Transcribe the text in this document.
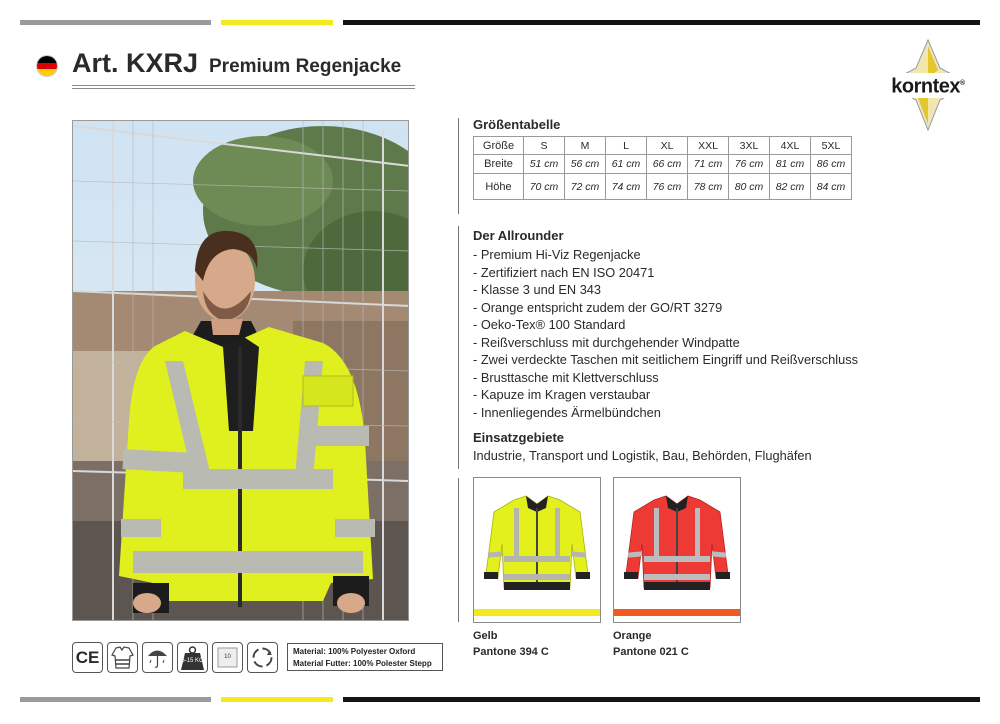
Art. KXRJ Premium Regenjacke
korntex®
CE	5-15 KG
10
Material: 100% Polyester Oxford
Material Futter: 100% Polester Stepp
Größentabelle
Größe	S	M	L	XL	XXL	3XL	4XL	5XL
Breite	51 cm	56 cm	61 cm	66 cm	71 cm	76 cm	81 cm	86 cm
Höhe	70 cm	72 cm	74 cm	76 cm	78 cm	80 cm	82 cm	84 cm
Der Allrounder
- Premium Hi-Viz Regenjacke
- Zertifiziert nach EN ISO 20471
- Klasse 3 und EN 343
- Orange entspricht zudem der GO/RT 3279
- Oeko-Tex® 100 Standard
- Reißverschluss mit durchgehender Windpatte
- Zwei verdeckte Taschen mit seitlichem Eingriff und Reißverschluss
- Brusttasche mit Klettverschluss
- Kapuze im Kragen verstaubar
- Innenliegendes Ärmelbündchen
Einsatzgebiete
Industrie, Transport und Logistik, Bau, Behörden, Flughäfen
Gelb
Pantone 394 C
Orange
Pantone 021 C
